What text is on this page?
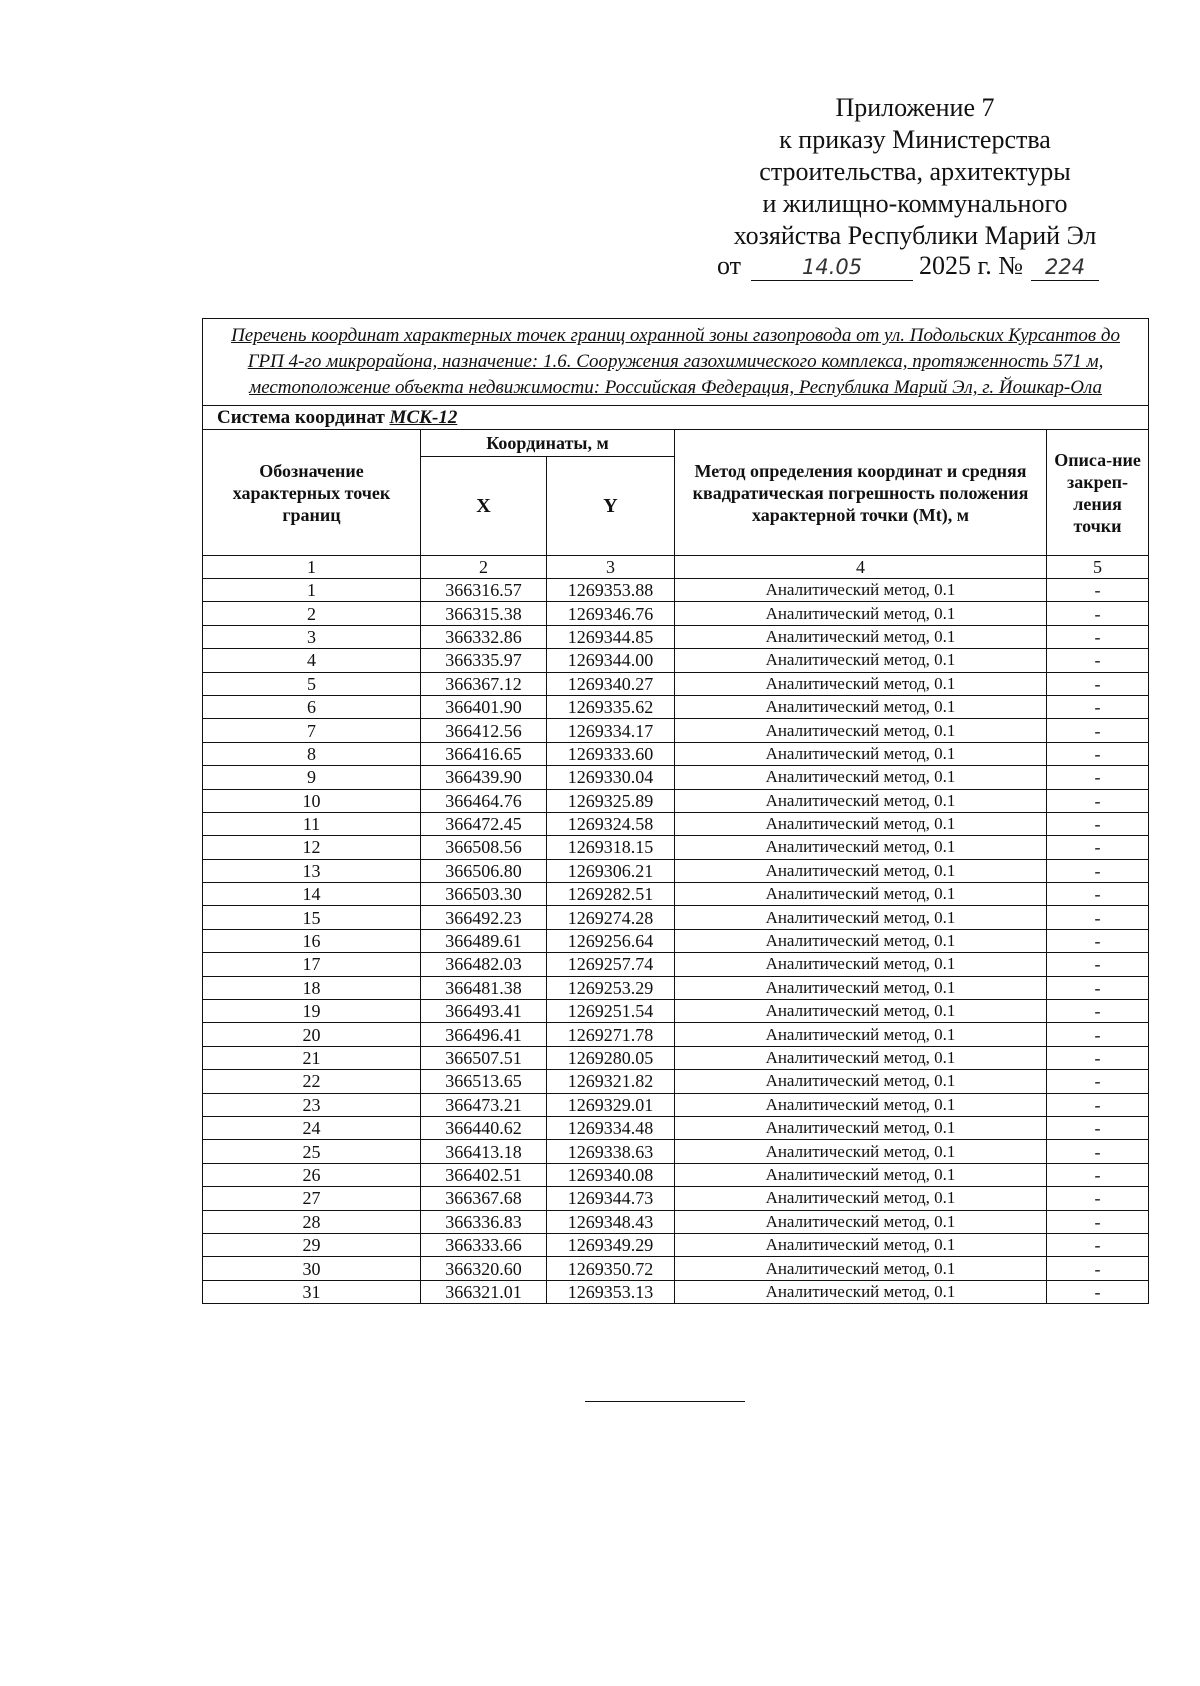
Приложение 7
к приказу Министерства
строительства, архитектуры
и жилищно-коммунального
хозяйства Республики Марий Эл
от	14.05 2025 г. № 224
Перечень координат характерных точек границ охранной зоны газопровода от ул. Подольских Курсантов до ГРП 4-го микрорайона, назначение: 1.6. Сооружения газохимического комплекса, протяженность 571 м, местоположение объекта недвижимости: Российская Федерация, Республика Марий Эл, г. Йошкар-Ола				
Система координат МСК-12				
Обозначение характерных точек границ	Координаты, м		Метод определения координат и средняя квадратическая погрешность положения характерной точки (Mt), м	Описа-ние закреп-ления точки
	X	Y		
1	2	3	4	5
1	366316.57	1269353.88	Аналитический метод, 0.1	-
2	366315.38	1269346.76	Аналитический метод, 0.1	-
3	366332.86	1269344.85	Аналитический метод, 0.1	-
4	366335.97	1269344.00	Аналитический метод, 0.1	-
5	366367.12	1269340.27	Аналитический метод, 0.1	-
6	366401.90	1269335.62	Аналитический метод, 0.1	-
7	366412.56	1269334.17	Аналитический метод, 0.1	-
8	366416.65	1269333.60	Аналитический метод, 0.1	-
9	366439.90	1269330.04	Аналитический метод, 0.1	-
10	366464.76	1269325.89	Аналитический метод, 0.1	-
11	366472.45	1269324.58	Аналитический метод, 0.1	-
12	366508.56	1269318.15	Аналитический метод, 0.1	-
13	366506.80	1269306.21	Аналитический метод, 0.1	-
14	366503.30	1269282.51	Аналитический метод, 0.1	-
15	366492.23	1269274.28	Аналитический метод, 0.1	-
16	366489.61	1269256.64	Аналитический метод, 0.1	-
17	366482.03	1269257.74	Аналитический метод, 0.1	-
18	366481.38	1269253.29	Аналитический метод, 0.1	-
19	366493.41	1269251.54	Аналитический метод, 0.1	-
20	366496.41	1269271.78	Аналитический метод, 0.1	-
21	366507.51	1269280.05	Аналитический метод, 0.1	-
22	366513.65	1269321.82	Аналитический метод, 0.1	-
23	366473.21	1269329.01	Аналитический метод, 0.1	-
24	366440.62	1269334.48	Аналитический метод, 0.1	-
25	366413.18	1269338.63	Аналитический метод, 0.1	-
26	366402.51	1269340.08	Аналитический метод, 0.1	-
27	366367.68	1269344.73	Аналитический метод, 0.1	-
28	366336.83	1269348.43	Аналитический метод, 0.1	-
29	366333.66	1269349.29	Аналитический метод, 0.1	-
30	366320.60	1269350.72	Аналитический метод, 0.1	-
31	366321.01	1269353.13	Аналитический метод, 0.1	-
